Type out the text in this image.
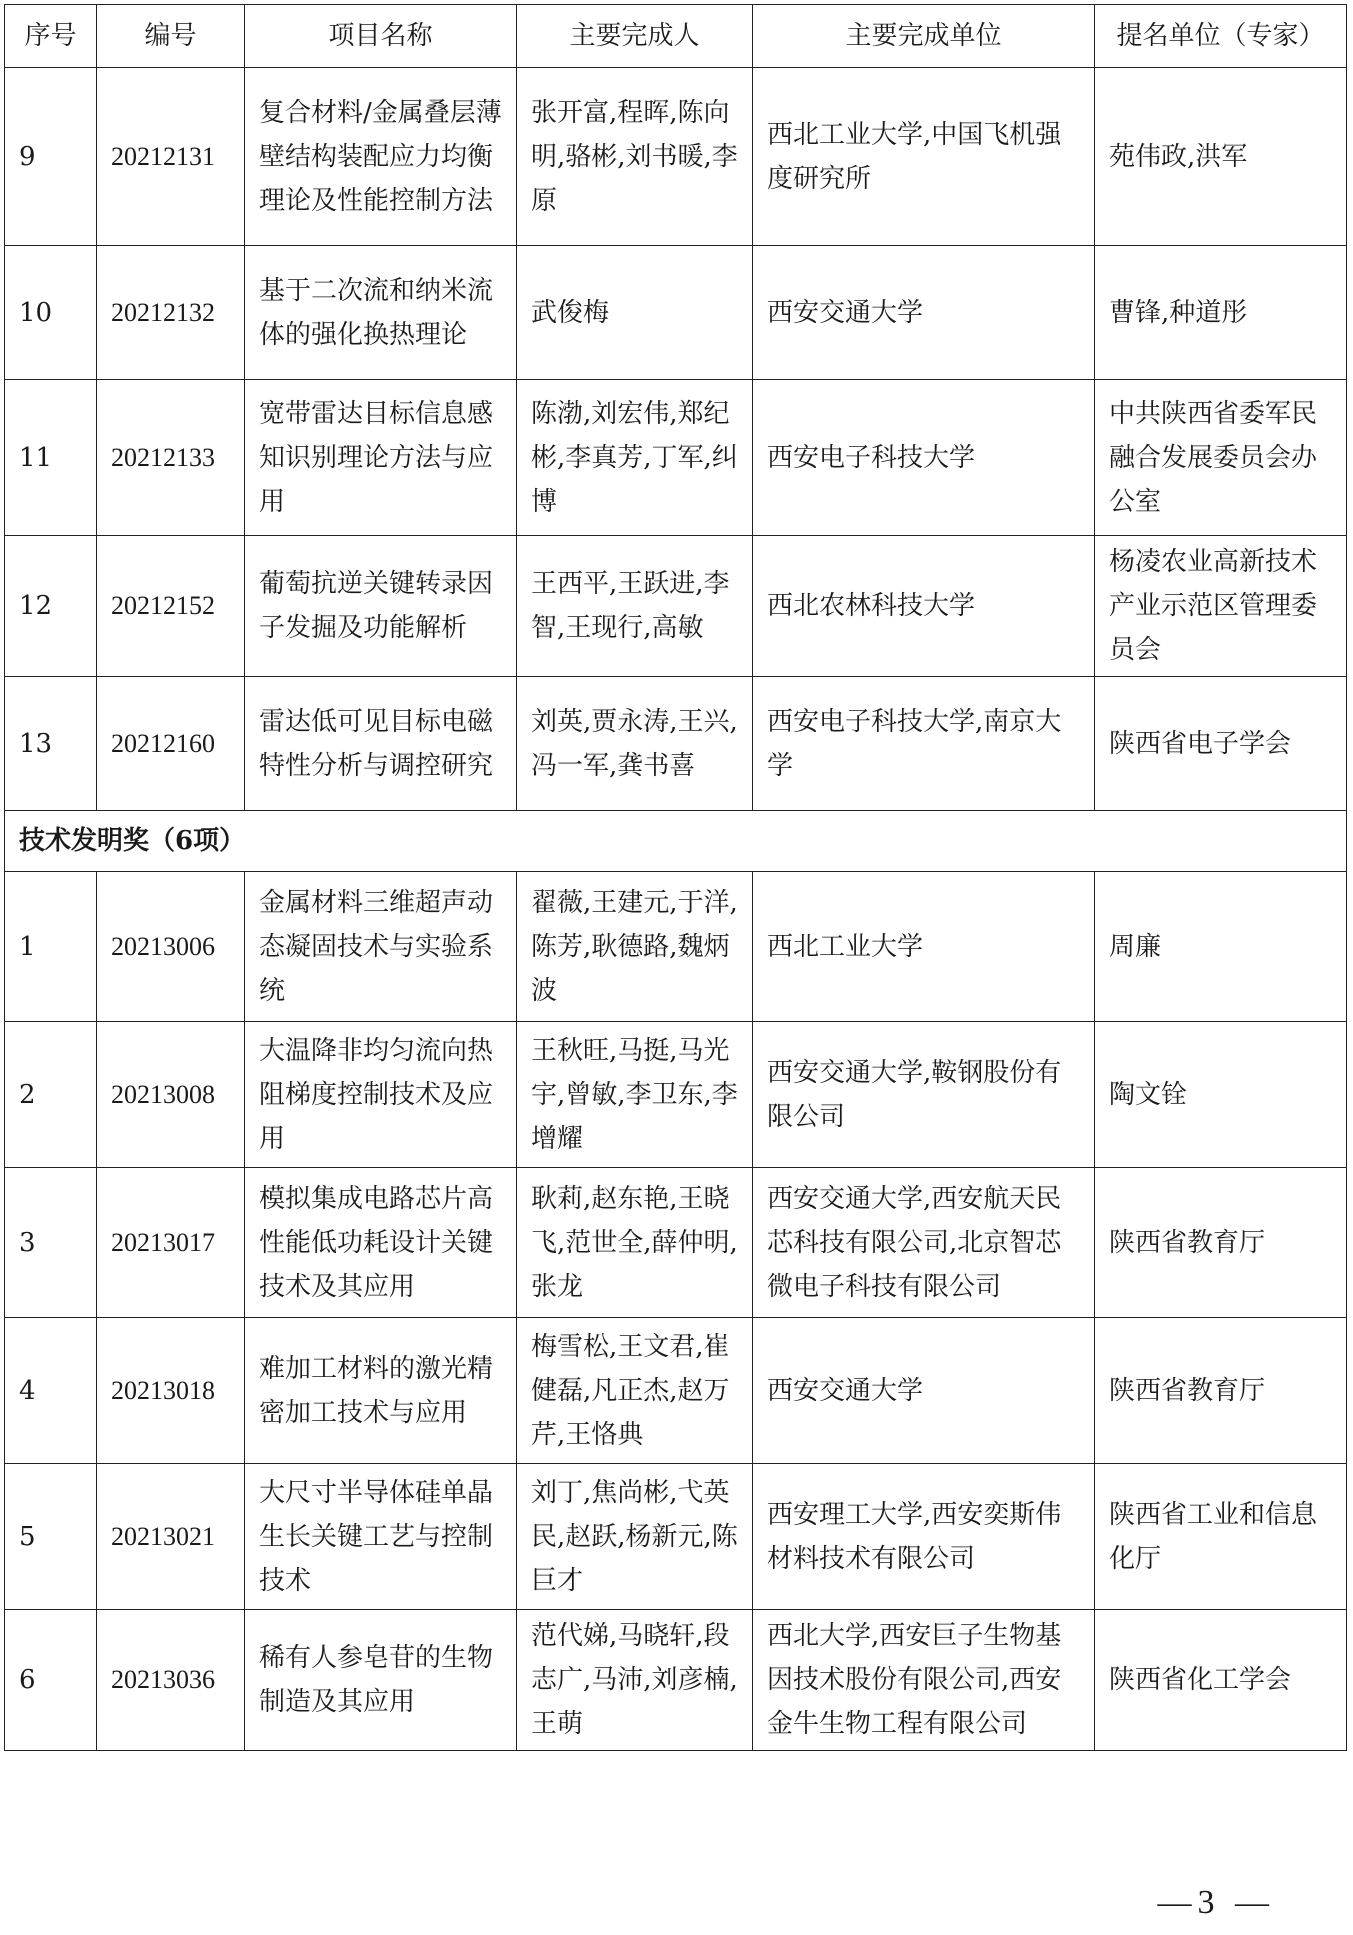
序号	编号	项目名称	主要完成人	主要完成单位	提名单位（专家）
9	20212131	复合材料/金属叠层薄壁结构装配应力均衡理论及性能控制方法	张开富,程晖,陈向明,骆彬,刘书暖,李原	西北工业大学,中国飞机强度研究所	苑伟政,洪军
10	20212132	基于二次流和纳米流体的强化换热理论	武俊梅	西安交通大学	曹锋,种道彤
11	20212133	宽带雷达目标信息感知识别理论方法与应用	陈渤,刘宏伟,郑纪彬,李真芳,丁军,纠博	西安电子科技大学	中共陕西省委军民融合发展委员会办公室
12	20212152	葡萄抗逆关键转录因子发掘及功能解析	王西平,王跃进,李智,王现行,高敏	西北农林科技大学	杨凌农业高新技术产业示范区管理委员会
13	20212160	雷达低可见目标电磁特性分析与调控研究	刘英,贾永涛,王兴,冯一军,龚书喜	西安电子科技大学,南京大学	陕西省电子学会
技术发明奖（6项）					
1	20213006	金属材料三维超声动态凝固技术与实验系统	翟薇,王建元,于洋,陈芳,耿德路,魏炳波	西北工业大学	周廉
2	20213008	大温降非均匀流向热阻梯度控制技术及应用	王秋旺,马挺,马光宇,曾敏,李卫东,李增耀	西安交通大学,鞍钢股份有限公司	陶文铨
3	20213017	模拟集成电路芯片高性能低功耗设计关键技术及其应用	耿莉,赵东艳,王晓飞,范世全,薛仲明,张龙	西安交通大学,西安航天民芯科技有限公司,北京智芯微电子科技有限公司	陕西省教育厅
4	20213018	难加工材料的激光精密加工技术与应用	梅雪松,王文君,崔健磊,凡正杰,赵万芹,王恪典	西安交通大学	陕西省教育厅
5	20213021	大尺寸半导体硅单晶生长关键工艺与控制技术	刘丁,焦尚彬,弋英民,赵跃,杨新元,陈巨才	西安理工大学,西安奕斯伟材料技术有限公司	陕西省工业和信息化厅
6	20213036	稀有人参皂苷的生物制造及其应用	范代娣,马晓轩,段志广,马沛,刘彦楠,王萌	西北大学,西安巨子生物基因技术股份有限公司,西安金牛生物工程有限公司	陕西省化工学会
—3 —
